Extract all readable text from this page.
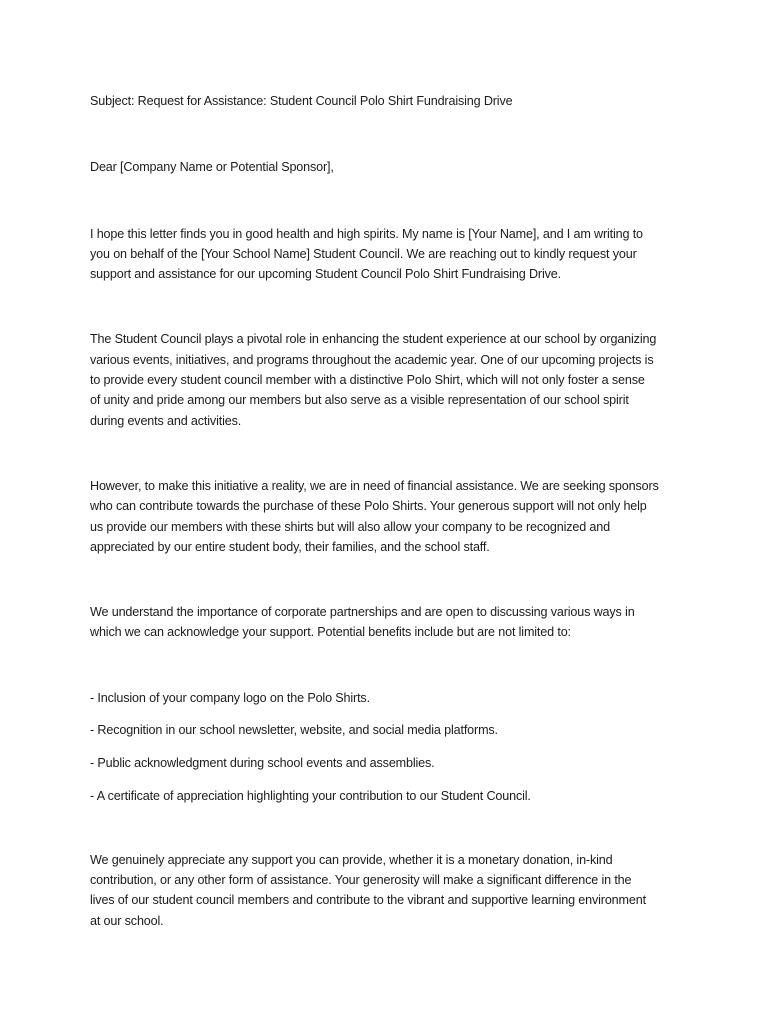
Subject: Request for Assistance: Student Council Polo Shirt Fundraising Drive
Dear [Company Name or Potential Sponsor],
I hope this letter finds you in good health and high spirits. My name is [Your Name], and I am writing to
you on behalf of the [Your School Name] Student Council. We are reaching out to kindly request your
support and assistance for our upcoming Student Council Polo Shirt Fundraising Drive.
The Student Council plays a pivotal role in enhancing the student experience at our school by organizing
various events, initiatives, and programs throughout the academic year. One of our upcoming projects is
to provide every student council member with a distinctive Polo Shirt, which will not only foster a sense
of unity and pride among our members but also serve as a visible representation of our school spirit
during events and activities.
However, to make this initiative a reality, we are in need of financial assistance. We are seeking sponsors
who can contribute towards the purchase of these Polo Shirts. Your generous support will not only help
us provide our members with these shirts but will also allow your company to be recognized and
appreciated by our entire student body, their families, and the school staff.
We understand the importance of corporate partnerships and are open to discussing various ways in
which we can acknowledge your support. Potential benefits include but are not limited to:
- Inclusion of your company logo on the Polo Shirts.
- Recognition in our school newsletter, website, and social media platforms.
- Public acknowledgment during school events and assemblies.
- A certificate of appreciation highlighting your contribution to our Student Council.
We genuinely appreciate any support you can provide, whether it is a monetary donation, in-kind
contribution, or any other form of assistance. Your generosity will make a significant difference in the
lives of our student council members and contribute to the vibrant and supportive learning environment
at our school.
